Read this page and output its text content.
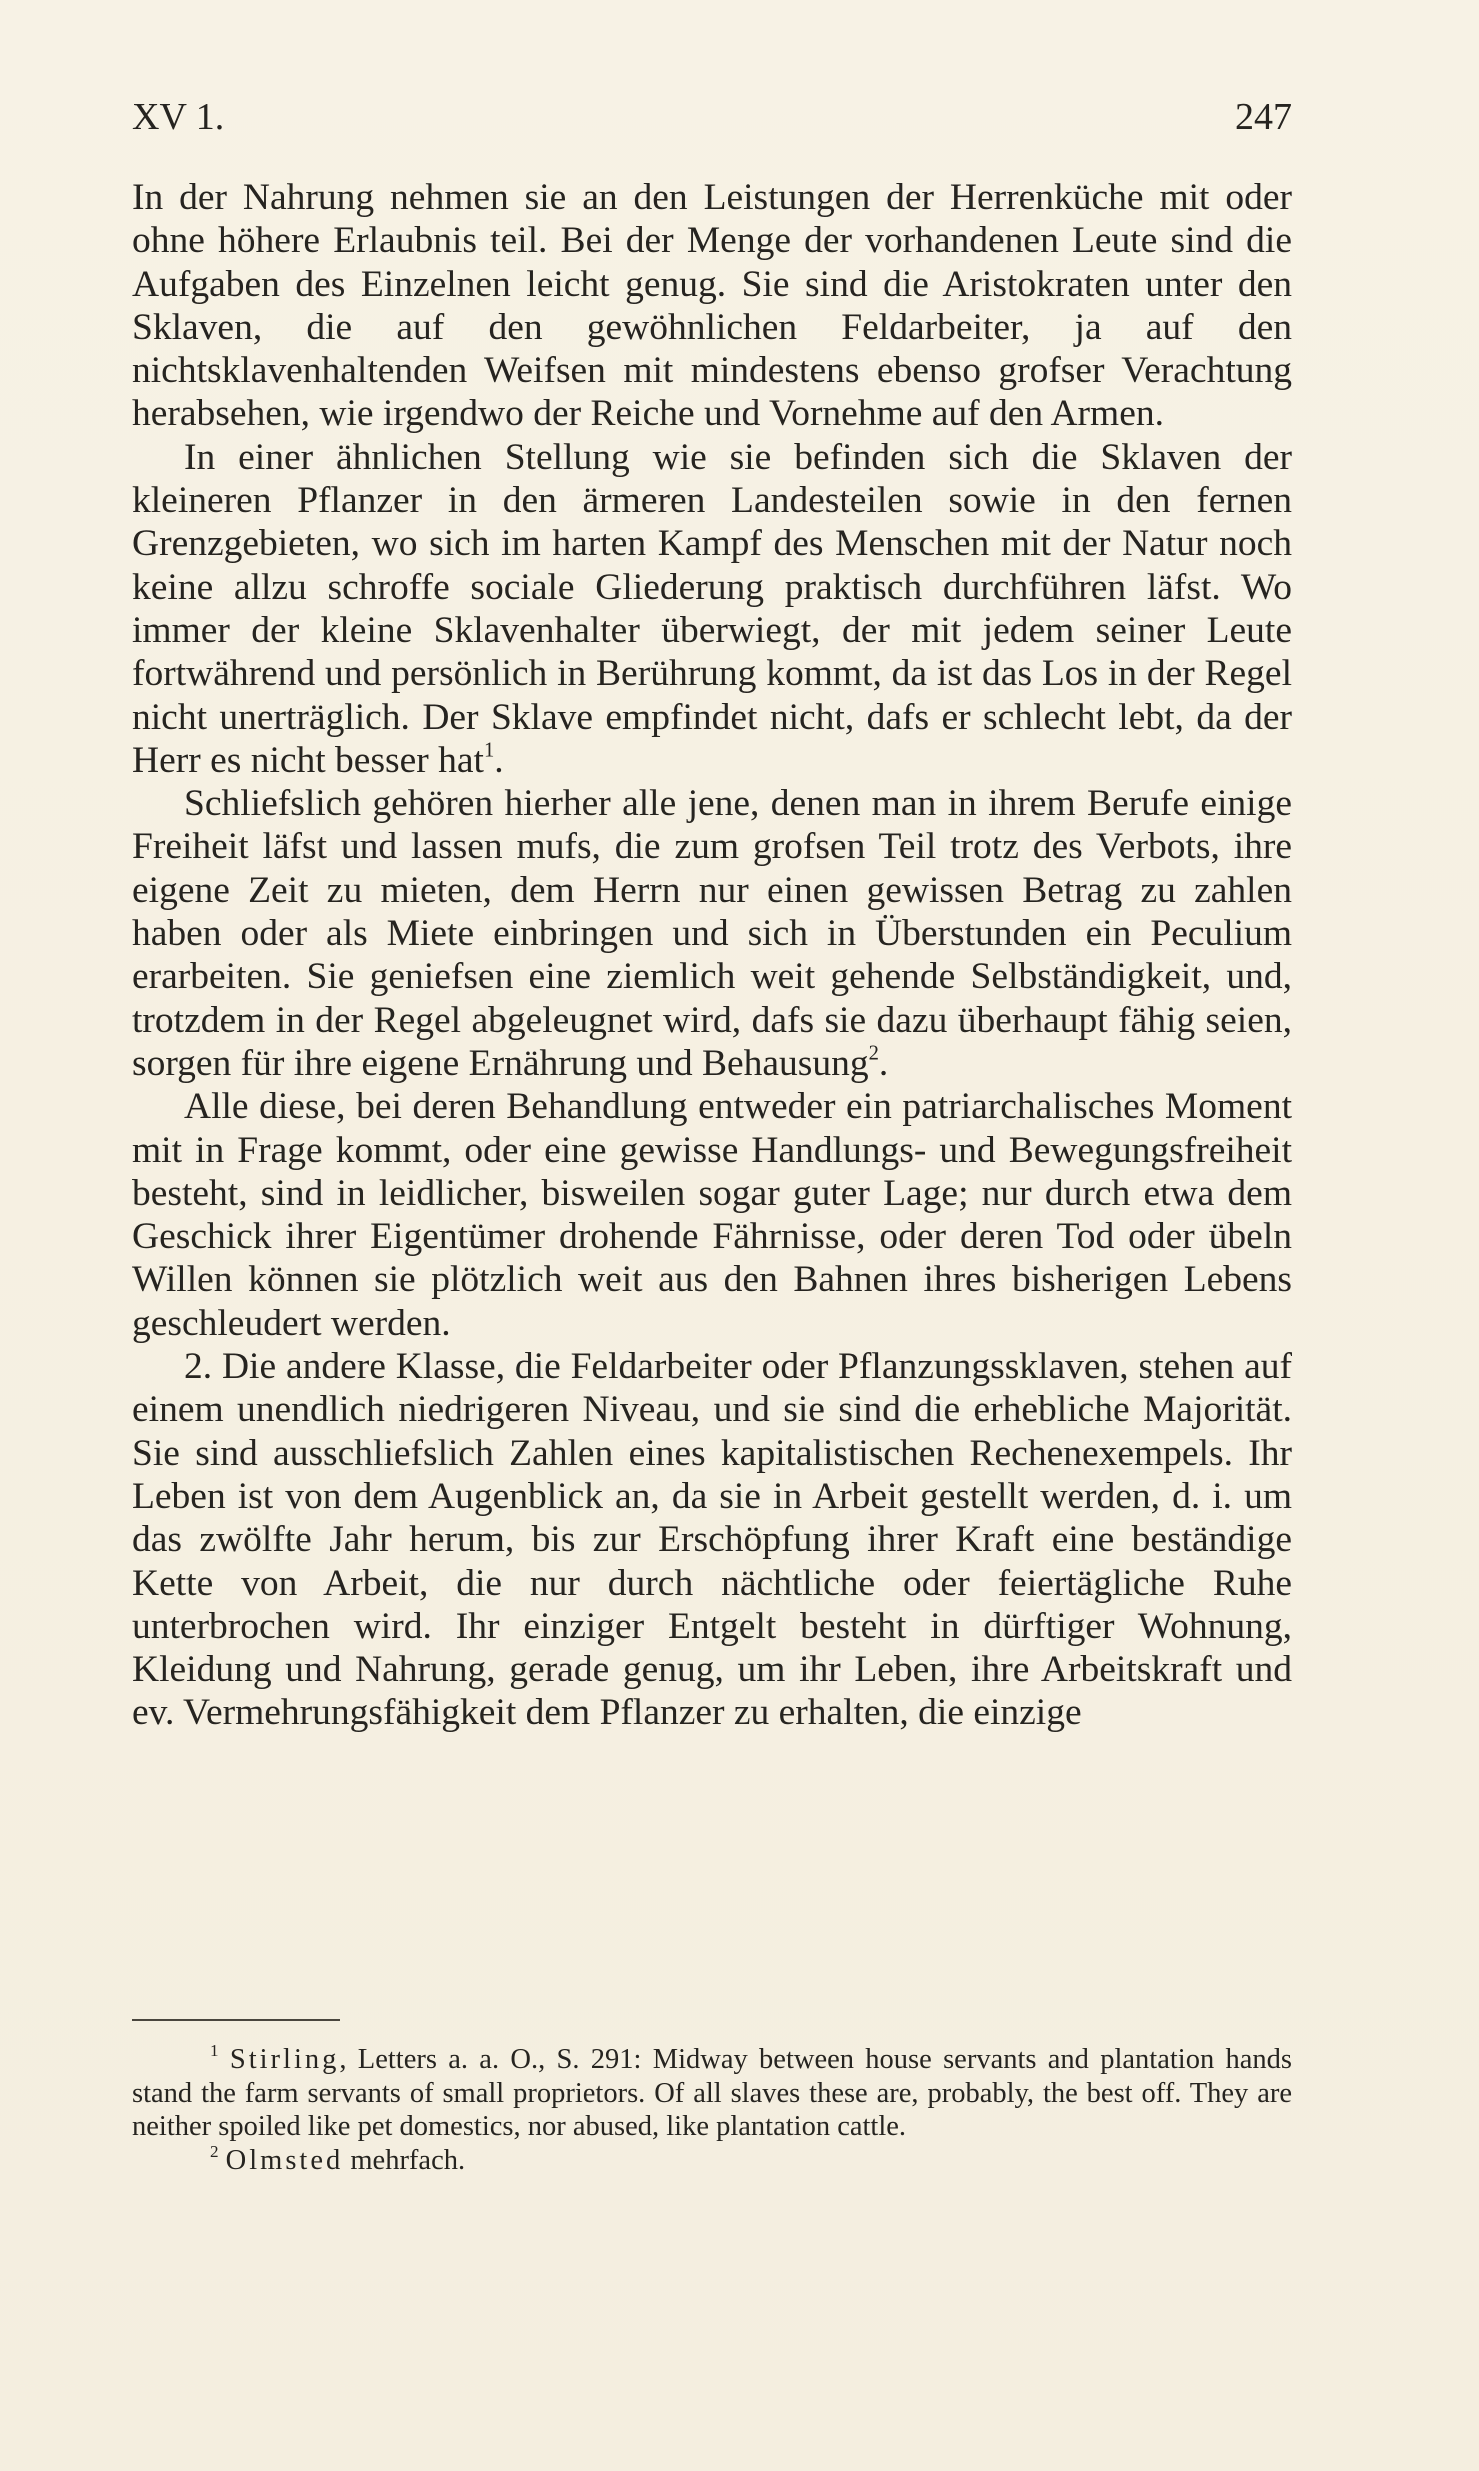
XV 1.	247

In der Nahrung nehmen sie an den Leistungen der Herrenküche mit oder ohne höhere Erlaubnis teil. Bei der Menge der vorhandenen Leute sind die Aufgaben des Einzelnen leicht genug. Sie sind die Aristokraten unter den Sklaven, die auf den gewöhnlichen Feldarbeiter, ja auf den nichtsklavenhaltenden Weifsen mit mindestens ebenso grofser Verachtung herabsehen, wie irgendwo der Reiche und Vornehme auf den Armen.

In einer ähnlichen Stellung wie sie befinden sich die Sklaven der kleineren Pflanzer in den ärmeren Landesteilen sowie in den fernen Grenzgebieten, wo sich im harten Kampf des Menschen mit der Natur noch keine allzu schroffe sociale Gliederung praktisch durchführen läfst. Wo immer der kleine Sklavenhalter überwiegt, der mit jedem seiner Leute fortwährend und persönlich in Berührung kommt, da ist das Los in der Regel nicht unerträglich. Der Sklave empfindet nicht, dafs er schlecht lebt, da der Herr es nicht besser hat$^1$.

Schliefslich gehören hierher alle jene, denen man in ihrem Berufe einige Freiheit läfst und lassen mufs, die zum grofsen Teil trotz des Verbots, ihre eigene Zeit zu mieten, dem Herrn nur einen gewissen Betrag zu zahlen haben oder als Miete einbringen und sich in Überstunden ein Peculium erarbeiten. Sie geniefsen eine ziemlich weit gehende Selbständigkeit, und, trotzdem in der Regel abgeleugnet wird, dafs sie dazu überhaupt fähig seien, sorgen für ihre eigene Ernährung und Behausung$^2$.

Alle diese, bei deren Behandlung entweder ein patriarchalisches Moment mit in Frage kommt, oder eine gewisse Handlungs- und Bewegungsfreiheit besteht, sind in leidlicher, bisweilen sogar guter Lage; nur durch etwa dem Geschick ihrer Eigentümer drohende Fährnisse, oder deren Tod oder übeln Willen können sie plötzlich weit aus den Bahnen ihres bisherigen Lebens geschleudert werden.

2. Die andere Klasse, die Feldarbeiter oder Pflanzungssklaven, stehen auf einem unendlich niedrigeren Niveau, und sie sind die erhebliche Majorität. Sie sind ausschliefslich Zahlen eines kapitalistischen Rechenexempels. Ihr Leben ist von dem Augenblick an, da sie in Arbeit gestellt werden, d. i. um das zwölfte Jahr herum, bis zur Erschöpfung ihrer Kraft eine beständige Kette von Arbeit, die nur durch nächtliche oder feiertägliche Ruhe unterbrochen wird. Ihr einziger Entgelt besteht in dürftiger Wohnung, Kleidung und Nahrung, gerade genug, um ihr Leben, ihre Arbeitskraft und ev. Vermehrungsfähigkeit dem Pflanzer zu erhalten, die einzige

$^1$ Stirling, Letters a. a. O., S. 291: Midway between house servants and plantation hands stand the farm servants of small proprietors. Of all slaves these are, probably, the best off. They are neither spoiled like pet domestics, nor abused, like plantation cattle.

$^2$ Olmsted mehrfach.
